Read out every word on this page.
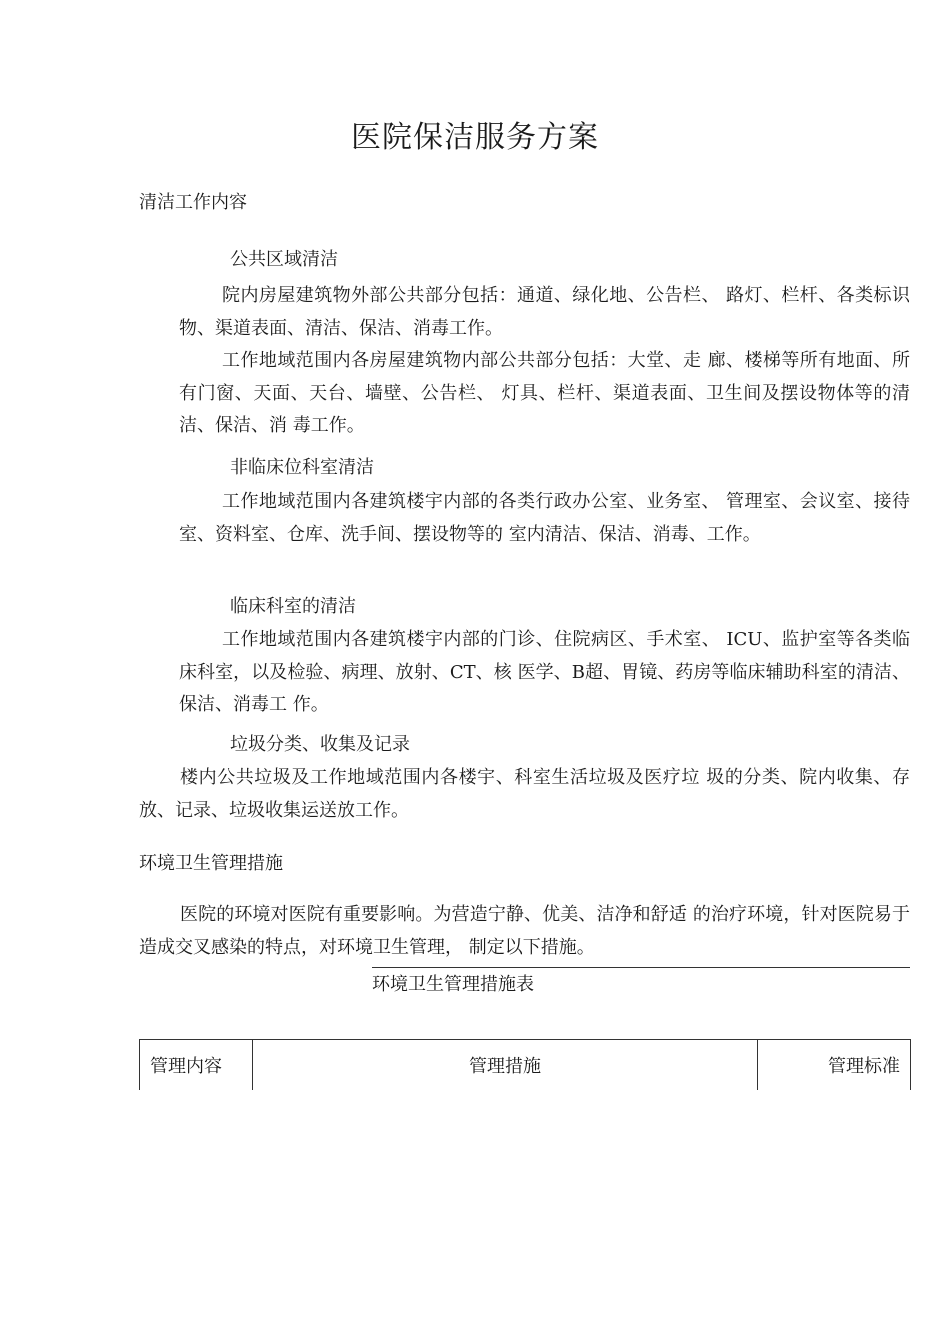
医院保洁服务方案
清洁工作内容
公共区域清洁
院内房屋建筑物外部公共部分包括：通道、绿化地、公告栏、 路灯、栏杆、各类标识物、渠道表面、清洁、保洁、消毒工作。
工作地域范围内各房屋建筑物内部公共部分包括：大堂、走 廊、楼梯等所有地面、所有门窗、天面、天台、墙壁、公告栏、 灯具、栏杆、渠道表面、卫生间及摆设物体等的清洁、保洁、消 毒工作。
非临床位科室清洁
工作地域范围内各建筑楼宇内部的各类行政办公室、业务室、 管理室、会议室、接待室、资料室、仓库、洗手间、摆设物等的 室内清洁、保洁、消毒、工作。
临床科室的清洁
工作地域范围内各建筑楼宇内部的门诊、住院病区、手术室、 ICU、监护室等各类临床科室，以及检验、病理、放射、CT、核 医学、B超、胃镜、药房等临床辅助科室的清洁、保洁、消毒工 作。
垃圾分类、收集及记录
楼内公共垃圾及工作地域范围内各楼宇、科室生活垃圾及医疗垃 圾的分类、院内收集、存放、记录、垃圾收集运送放工作。
环境卫生管理措施
医院的环境对医院有重要影响。为营造宁静、优美、洁净和舒适 的治疗环境，针对医院易于造成交叉感染的特点，对环境卫生管理， 制定以下措施。
环境卫生管理措施表
管理内容	管理措施	管理标准
